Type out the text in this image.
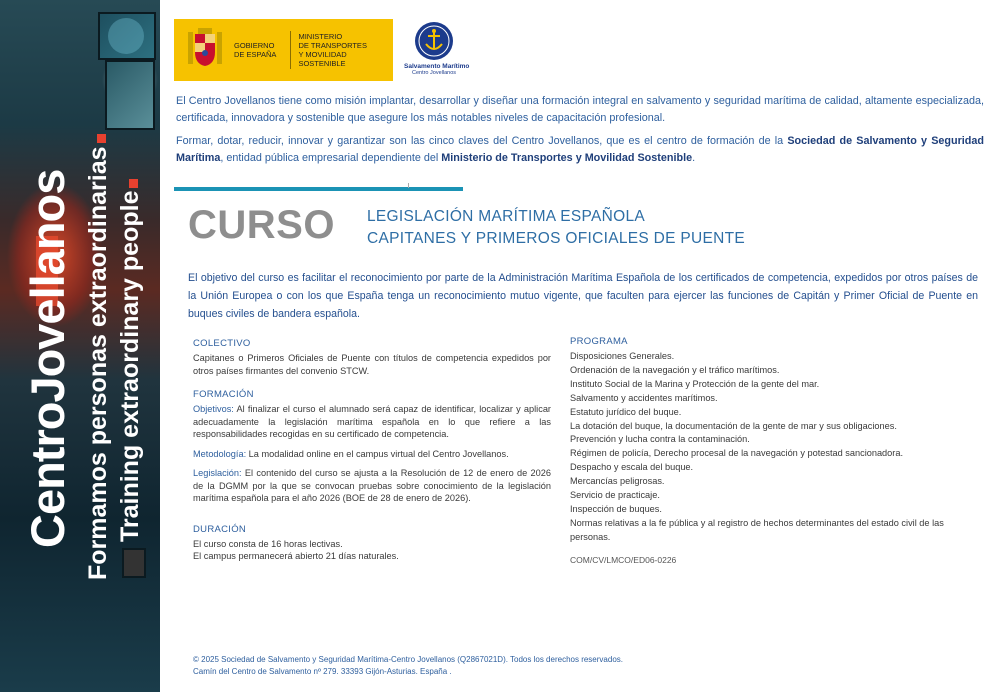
CentroJovellanos Formamos personas extraordinarias Training extraordinary people
GOBIERNO
DE ESPAÑA
MINISTERIO
DE TRANSPORTES
Y MOVILIDAD SOSTENIBLE	Salvamento Marítimo
Centro Jovellanos

El Centro Jovellanos tiene como misión implantar, desarrollar y diseñar una formación integral en salvamento y seguridad marítima de calidad, altamente especializada, certificada, innovadora y sostenible que asegure los más notables niveles de capacitación profesional.

Formar, dotar, reducir, innovar y garantizar son las cinco claves del Centro Jovellanos, que es el centro de formación de la Sociedad de Salvamento y Seguridad Marítima, entidad pública empresarial dependiente del Ministerio de Transportes y Movilidad Sostenible.

CURSO LEGISLACIÓN MARÍTIMA ESPAÑOLA
CAPITANES Y PRIMEROS OFICIALES DE PUENTE

El objetivo del curso es facilitar el reconocimiento por parte de la Administración Marítima Española de los certificados de competencia, expedidos por otros países de la Unión Europea o con los que España tenga un reconocimiento mutuo vigente, que faculten para ejercer las funciones de Capitán y Primer Oficial de Puente en buques civiles de bandera española.

COLECTIVO

Capitanes o Primeros Oficiales de Puente con títulos de competencia expedidos por otros países firmantes del convenio STCW.

FORMACIÓN

Objetivos: Al finalizar el curso el alumnado será capaz de identificar, localizar y aplicar adecuadamente la legislación marítima española en lo que refiere a las responsabilidades recogidas en su certificado de competencia.

Metodología: La modalidad online en el campus virtual del Centro Jovellanos.

Legislación: El contenido del curso se ajusta a la Resolución de 12 de enero de 2026 de la DGMM por la que se convocan pruebas sobre conocimiento de la legislación marítima española para el año 2026 (BOE de 28 de enero de 2026).

DURACIÓN

El curso consta de 16 horas lectivas.

El campus permanecerá abierto 21 días naturales.

PROGRAMA
Disposiciones Generales.
Ordenación de la navegación y el tráfico marítimos.
Instituto Social de la Marina y Protección de la gente del mar.
Salvamento y accidentes marítimos.
Estatuto jurídico del buque.
La dotación del buque, la documentación de la gente de mar y sus obligaciones.
Prevención y lucha contra la contaminación.
Régimen de policía, Derecho procesal de la navegación y potestad sancionadora.
Despacho y escala del buque.
Mercancías peligrosas.
Servicio de practicaje.
Inspección de buques.
Normas relativas a la fe pública y al registro de hechos determinantes del estado civil de las personas.
COM/CV/LMCO/ED06-0226
© 2025 Sociedad de Salvamento y Seguridad Marítima-Centro Jovellanos (Q2867021D). Todos los derechos reservados.
Camín del Centro de Salvamento nº 279. 33393 Gijón-Asturias. España .
